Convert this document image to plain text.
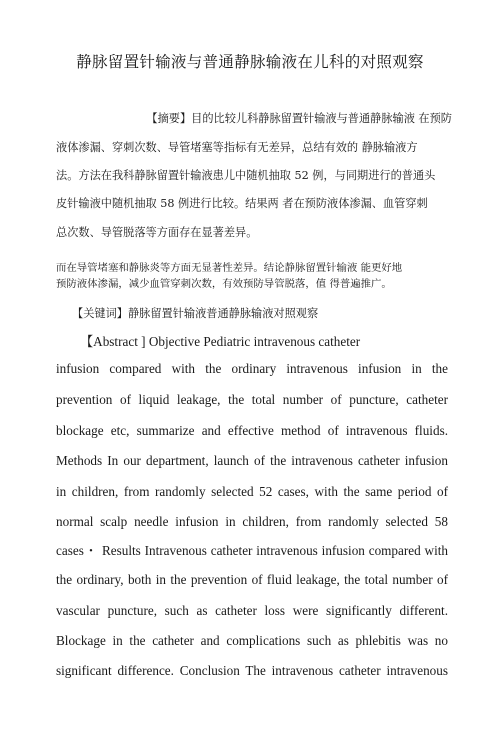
静脉留置针输液与普通静脉输液在儿科的对照观察
【摘要】目的比较儿科静脉留置针输液与普通静脉输液 在预防
液体渗漏、穿刺次数、导管堵塞等指标有无差异，总结有效的 静脉输液方
法。方法在我科静脉留置针输液患儿中随机抽取 52 例，与同期进行的普通头
皮针输液中随机抽取 58 例进行比较。结果两 者在预防液体渗漏、血管穿刺
总次数、导管脱落等方面存在显著差异。
而在导管堵塞和静脉炎等方面无显著性差异。结论静脉留置针输液 能更好地
预防液体渗漏，减少血管穿刺次数，有效预防导管脱落，值 得普遍推广。
【关键词】静脉留置针输液普通静脉输液对照观察
【Abstract ] Objective Pediatric intravenous catheter
infusion compared with the ordinary intravenous infusion in the
prevention of liquid leakage, the total number of puncture, catheter
blockage etc, summarize and effective method of intravenous fluids.
Methods In our department, launch of the intravenous catheter infusion
in children, from randomly selected 52 cases, with the same period of
normal scalp needle infusion in children, from randomly selected 58
cases・ Results Intravenous catheter intravenous infusion compared with
the ordinary, both in the prevention of fluid leakage, the total number of
vascular puncture, such as catheter loss were significantly different.
Blockage in the catheter and complications such as phlebitis was no
significant difference. Conclusion The intravenous catheter intravenous
